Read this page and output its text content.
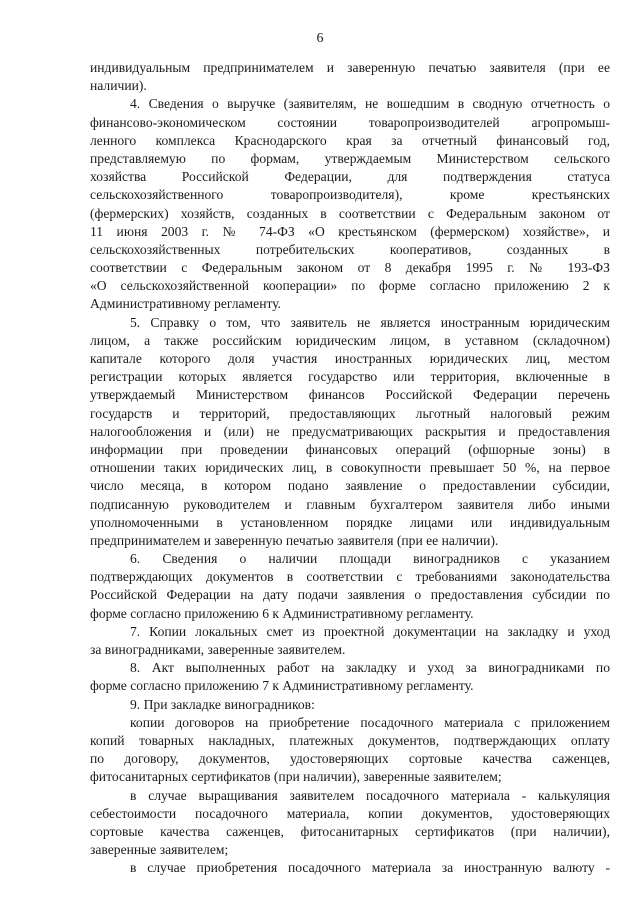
6
индивидуальным предпринимателем и заверенную печатью заявителя (при ее
наличии).
4. Сведения о выручке (заявителям, не вошедшим в сводную отчетность о
финансово-экономическом состоянии товаропроизводителей агропромыш-
ленного комплекса Краснодарского края за отчетный финансовый год,
представляемую по формам, утверждаемым Министерством сельского
хозяйства Российской Федерации, для подтверждения статуса
сельскохозяйственного товаропроизводителя), кроме крестьянских
(фермерских) хозяйств, созданных в соответствии с Федеральным законом от
11 июня 2003 г. № 74-ФЗ «О крестьянском (фермерском) хозяйстве», и
сельскохозяйственных потребительских кооперативов, созданных в
соответствии с Федеральным законом от 8 декабря 1995 г. № 193-ФЗ
«О сельскохозяйственной кооперации» по форме согласно приложению 2 к
Административному регламенту.
5. Справку о том, что заявитель не является иностранным юридическим
лицом, а также российским юридическим лицом, в уставном (складочном)
капитале которого доля участия иностранных юридических лиц, местом
регистрации которых является государство или территория, включенные в
утверждаемый Министерством финансов Российской Федерации перечень
государств и территорий, предоставляющих льготный налоговый режим
налогообложения и (или) не предусматривающих раскрытия и предоставления
информации при проведении финансовых операций (офшорные зоны) в
отношении таких юридических лиц, в совокупности превышает 50 %, на первое
число месяца, в котором подано заявление о предоставлении субсидии,
подписанную руководителем и главным бухгалтером заявителя либо иными
уполномоченными в установленном порядке лицами или индивидуальным
предпринимателем и заверенную печатью заявителя (при ее наличии).
6. Сведения о наличии площади виноградников с указанием
подтверждающих документов в соответствии с требованиями законодательства
Российской Федерации на дату подачи заявления о предоставления субсидии по
форме согласно приложению 6 к Административному регламенту.
7. Копии локальных смет из проектной документации на закладку и уход
за виноградниками, заверенные заявителем.
8. Акт выполненных работ на закладку и уход за виноградниками по
форме согласно приложению 7 к Административному регламенту.
9. При закладке виноградников:
копии договоров на приобретение посадочного материала с приложением
копий товарных накладных, платежных документов, подтверждающих оплату
по договору, документов, удостоверяющих сортовые качества саженцев,
фитосанитарных сертификатов (при наличии), заверенные заявителем;
в случае выращивания заявителем посадочного материала - калькуляция
себестоимости посадочного материала, копии документов, удостоверяющих
сортовые качества саженцев, фитосанитарных сертификатов (при наличии),
заверенные заявителем;
в случае приобретения посадочного материала за иностранную валюту -
